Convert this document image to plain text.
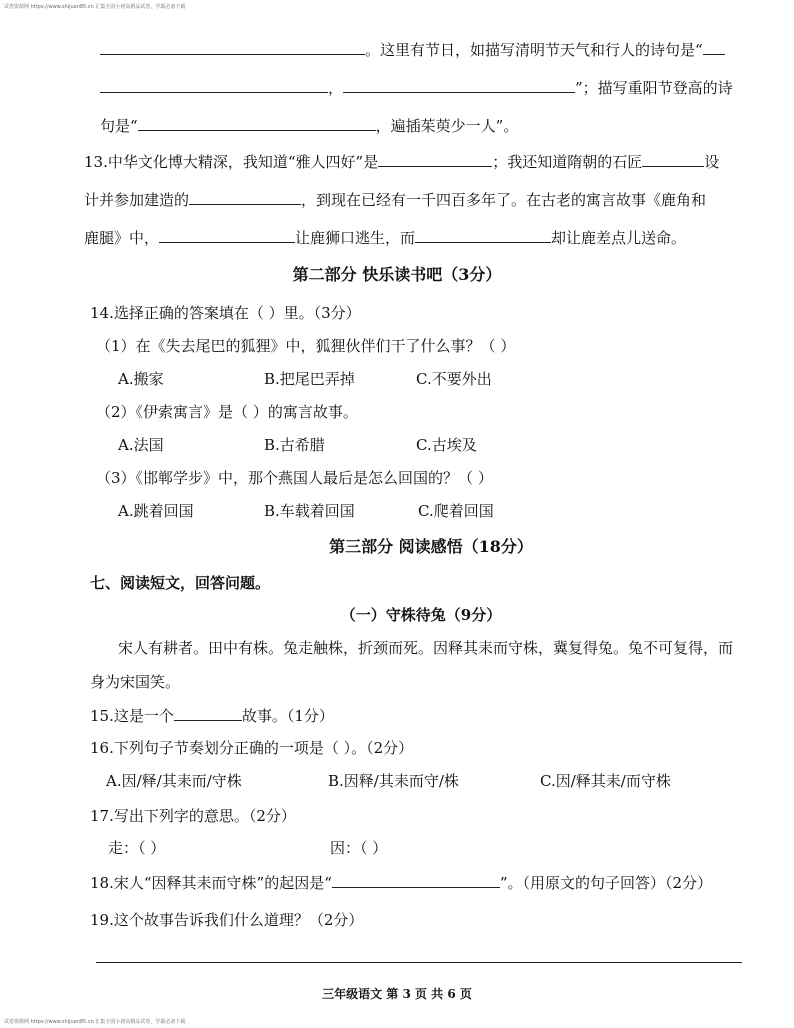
试卷资源网 https://www.shijuan85.cn 汇集全国小初高精品试卷，学霸必备下载
。这里有节日，如描写清明节天气和行人的诗句是“
，	”；描写重阳节登高的诗
句是“	，遍插茱萸少一人”。
13.中华文化博大精深，我知道“雅人四好”是	；我还知道隋朝的石匠	设
计并参加建造的	，到现在已经有一千四百多年了。在古老的寓言故事《鹿角和
鹿腿》中，	让鹿狮口逃生，而	却让鹿差点儿送命。
第二部分 快乐读书吧（3分）
14.选择正确的答案填在（ ）里。（3分）
（1）在《失去尾巴的狐狸》中，狐狸伙伴们干了什么事？（ ）
A.搬家	B.把尾巴弄掉	C.不要外出
（2）《伊索寓言》是（ ）的寓言故事。
A.法国	B.古希腊	C.古埃及
（3）《邯郸学步》中，那个燕国人最后是怎么回国的？（ ）
A.跳着回国	B.车载着回国	C.爬着回国
第三部分 阅读感悟（18分）
七、阅读短文，回答问题。
（一）守株待兔（9分）
宋人有耕者。田中有株。兔走触株，折颈而死。因释其耒而守株，冀复得兔。兔不可复得，而
身为宋国笑。
15.这是一个	故事。（1分）
16.下列句子节奏划分正确的一项是（ ）。（2分）
A.因/释/其耒而/守株	B.因释/其耒而守/株	C.因/释其耒/而守株
17.写出下列字的意思。（2分）
走：（ ）	因：（ ）
18.宋人“因释其耒而守株”的起因是“	”。（用原文的句子回答）（2分）
19.这个故事告诉我们什么道理？（2分）
三年级语文 第 3 页 共 6 页
试卷资源网 https://www.shijuan85.cn 汇集全国小初高精品试卷，学霸必备下载
